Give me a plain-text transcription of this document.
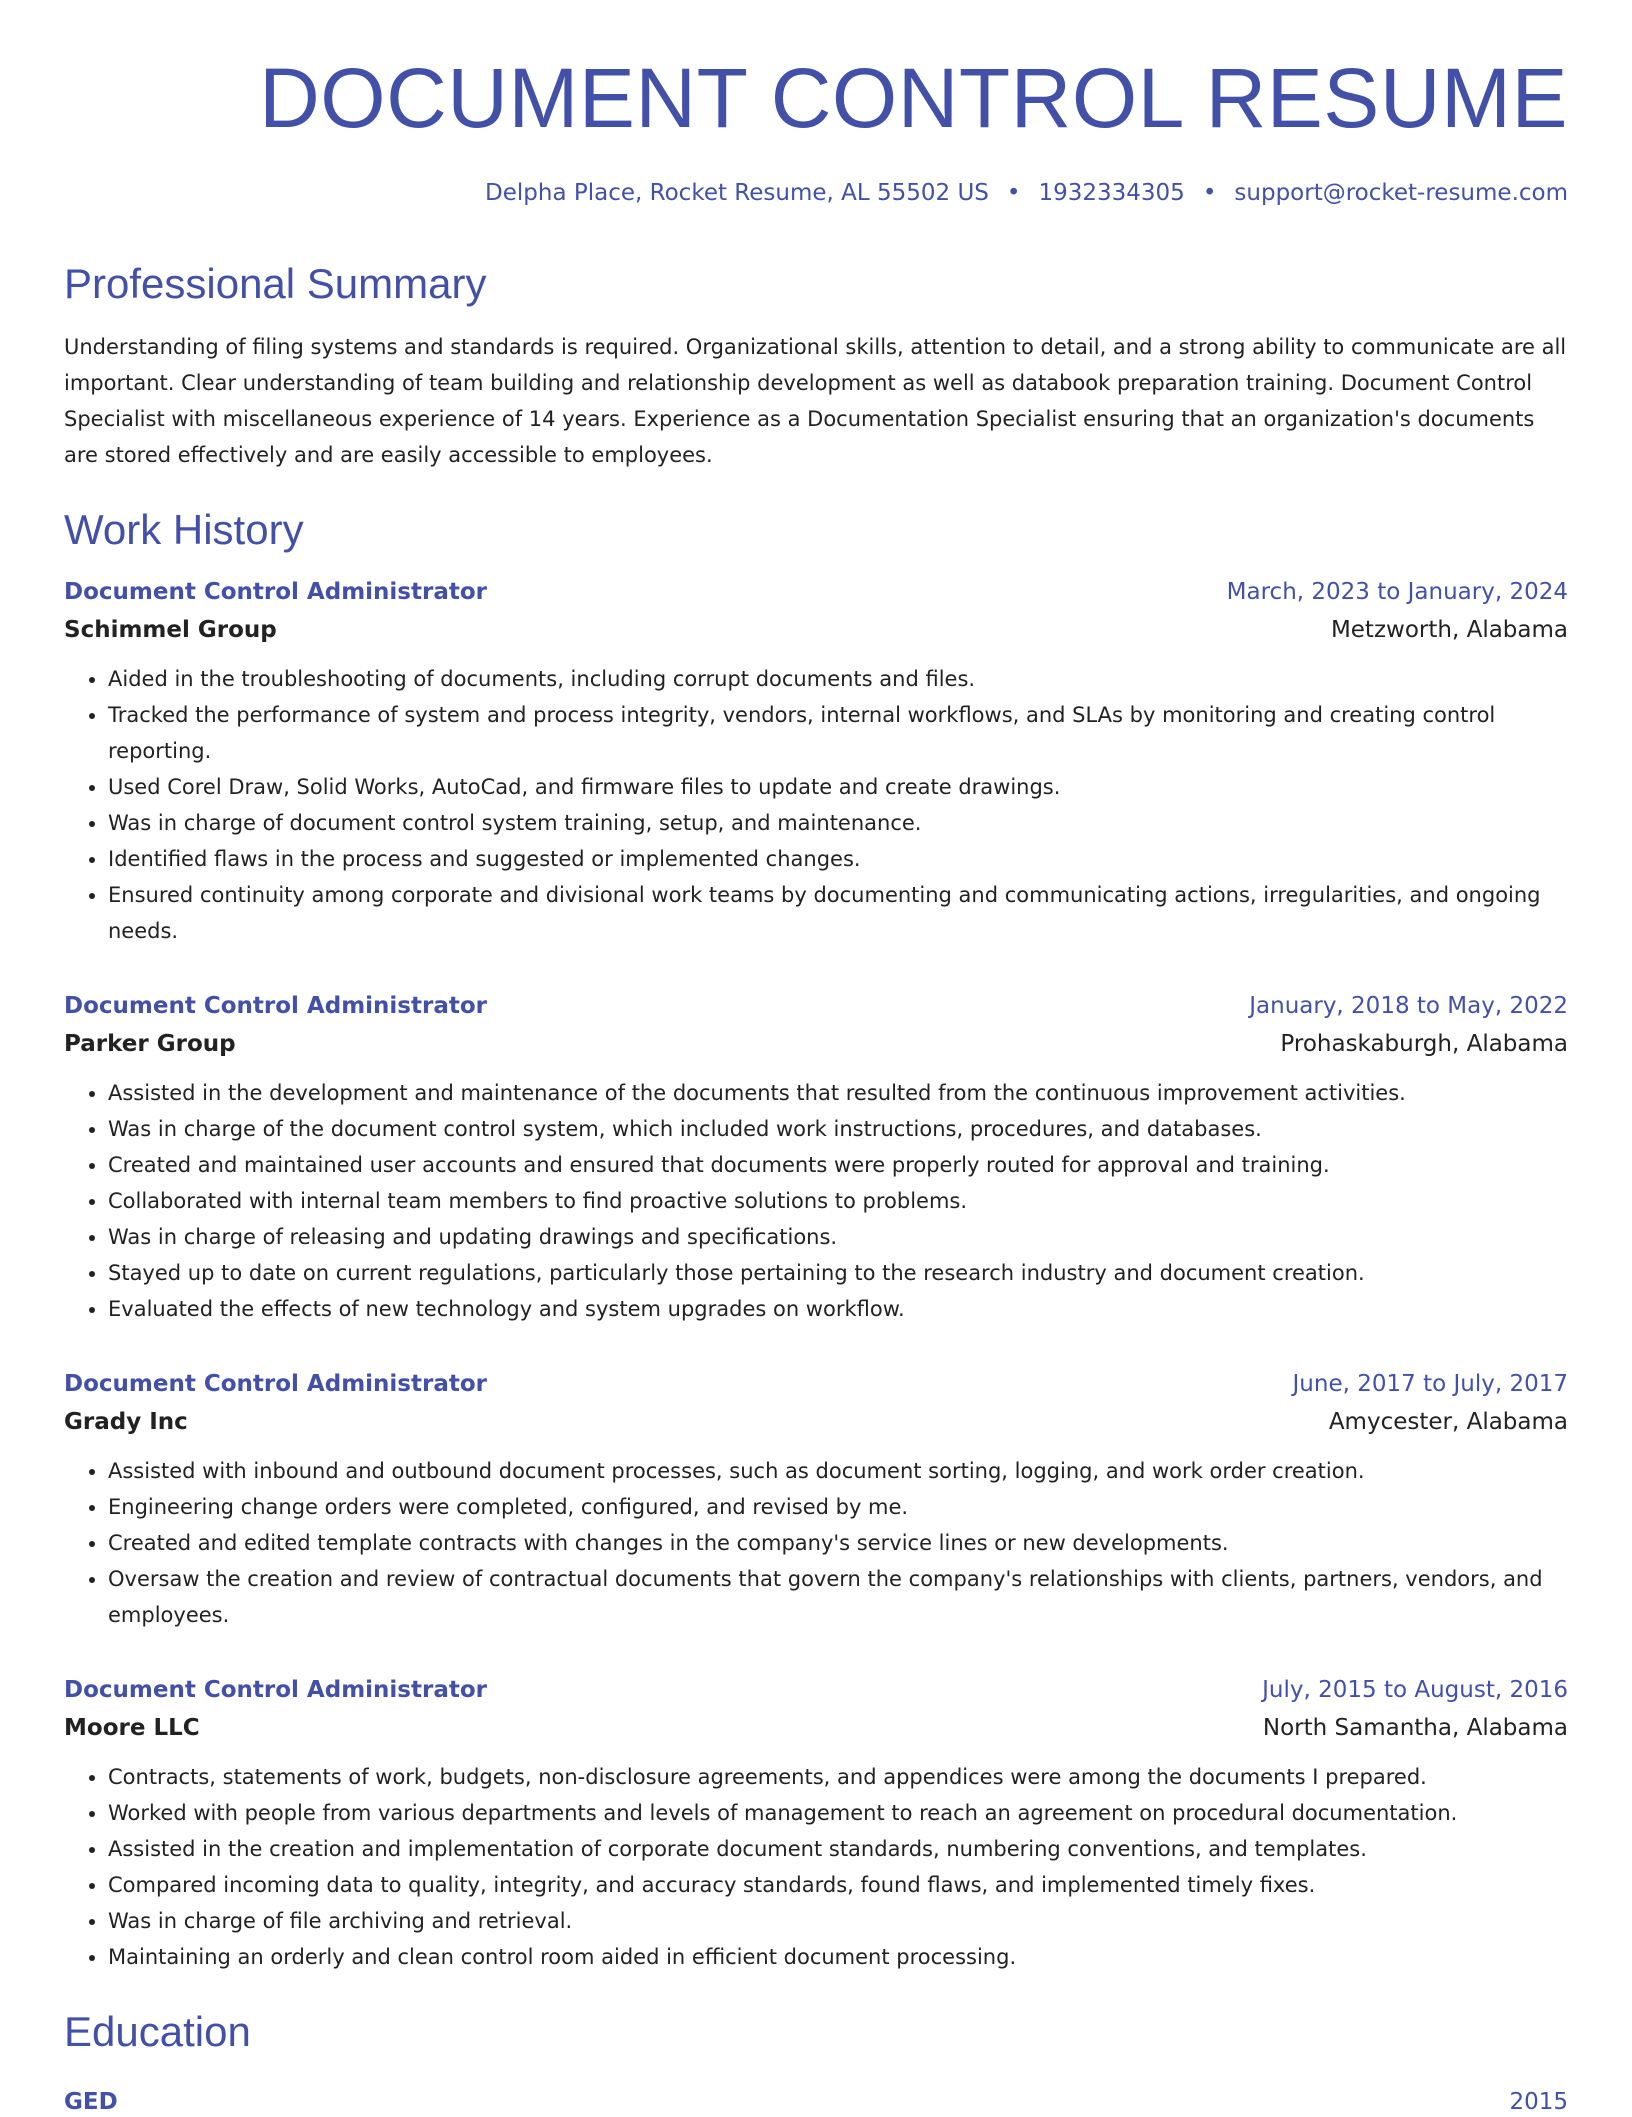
DOCUMENT CONTROL RESUME
Delpha Place, Rocket Resume, AL 55502 US • 1932334305 • support@rocket-resume.com
Professional Summary

Understanding of filing systems and standards is required. Organizational skills, attention to detail, and a strong ability to communicate are all important. Clear understanding of team building and relationship development as well as databook preparation training. Document Control Specialist with miscellaneous experience of 14 years. Experience as a Documentation Specialist ensuring that an organization's documents are stored effectively and are easily accessible to employees.

Work History
Document Control Administrator	March, 2023 to January, 2024
Schimmel Group	Metzworth, Alabama
• Aided in the troubleshooting of documents, including corrupt documents and files.
• Tracked the performance of system and process integrity, vendors, internal workflows, and SLAs by monitoring and creating control reporting.
• Used Corel Draw, Solid Works, AutoCad, and firmware files to update and create drawings.
• Was in charge of document control system training, setup, and maintenance.
• Identified flaws in the process and suggested or implemented changes.
• Ensured continuity among corporate and divisional work teams by documenting and communicating actions, irregularities, and ongoing needs.
Document Control Administrator	January, 2018 to May, 2022
Parker Group	Prohaskaburgh, Alabama
• Assisted in the development and maintenance of the documents that resulted from the continuous improvement activities.
• Was in charge of the document control system, which included work instructions, procedures, and databases.
• Created and maintained user accounts and ensured that documents were properly routed for approval and training.
• Collaborated with internal team members to find proactive solutions to problems.
• Was in charge of releasing and updating drawings and specifications.
• Stayed up to date on current regulations, particularly those pertaining to the research industry and document creation.
• Evaluated the effects of new technology and system upgrades on workflow.
Document Control Administrator	June, 2017 to July, 2017
Grady Inc	Amycester, Alabama
• Assisted with inbound and outbound document processes, such as document sorting, logging, and work order creation.
• Engineering change orders were completed, configured, and revised by me.
• Created and edited template contracts with changes in the company's service lines or new developments.
• Oversaw the creation and review of contractual documents that govern the company's relationships with clients, partners, vendors, and employees.
Document Control Administrator	July, 2015 to August, 2016
Moore LLC	North Samantha, Alabama
• Contracts, statements of work, budgets, non-disclosure agreements, and appendices were among the documents I prepared.
• Worked with people from various departments and levels of management to reach an agreement on procedural documentation.
• Assisted in the creation and implementation of corporate document standards, numbering conventions, and templates.
• Compared incoming data to quality, integrity, and accuracy standards, found flaws, and implemented timely fixes.
• Was in charge of file archiving and retrieval.
• Maintaining an orderly and clean control room aided in efficient document processing.
Education
GED	2015
